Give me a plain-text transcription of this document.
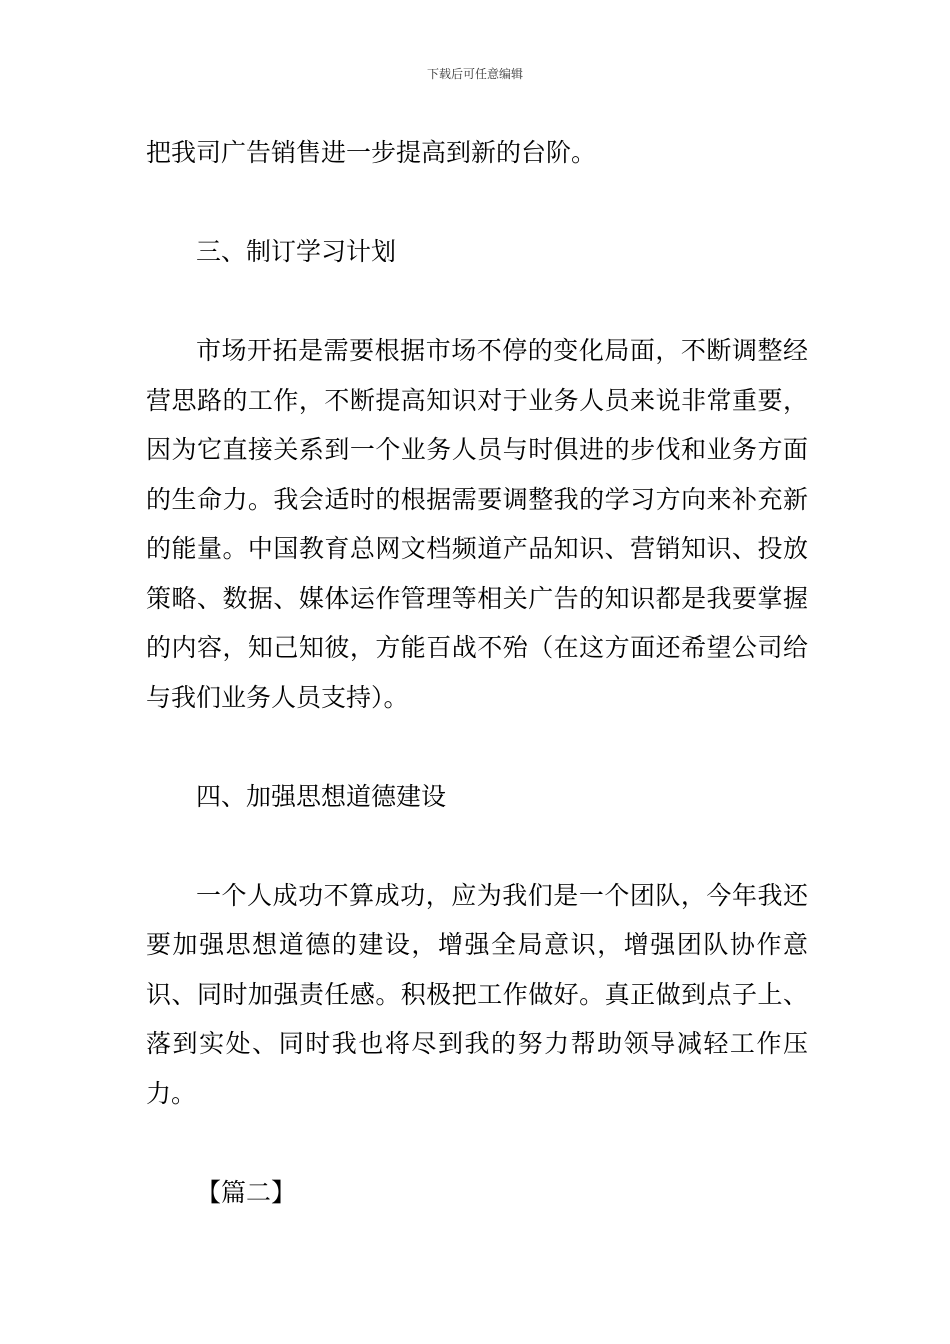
下载后可任意编辑

把我司广告销售进一步提高到新的台阶。

三、制订学习计划

市场开拓是需要根据市场不停的变化局面，不断调整经营思路的工作，不断提高知识对于业务人员来说非常重要，因为它直接关系到一个业务人员与时俱进的步伐和业务方面的生命力。我会适时的根据需要调整我的学习方向来补充新的能量。中国教育总网文档频道产品知识、营销知识、投放策略、数据、媒体运作管理等相关广告的知识都是我要掌握的内容，知己知彼，方能百战不殆（在这方面还希望公司给与我们业务人员支持）。

四、加强思想道德建设

一个人成功不算成功，应为我们是一个团队，今年我还要加强思想道德的建设，增强全局意识，增强团队协作意识、同时加强责任感。积极把工作做好。真正做到点子上、落到实处、同时我也将尽到我的努力帮助领导减轻工作压力。

【篇二】
